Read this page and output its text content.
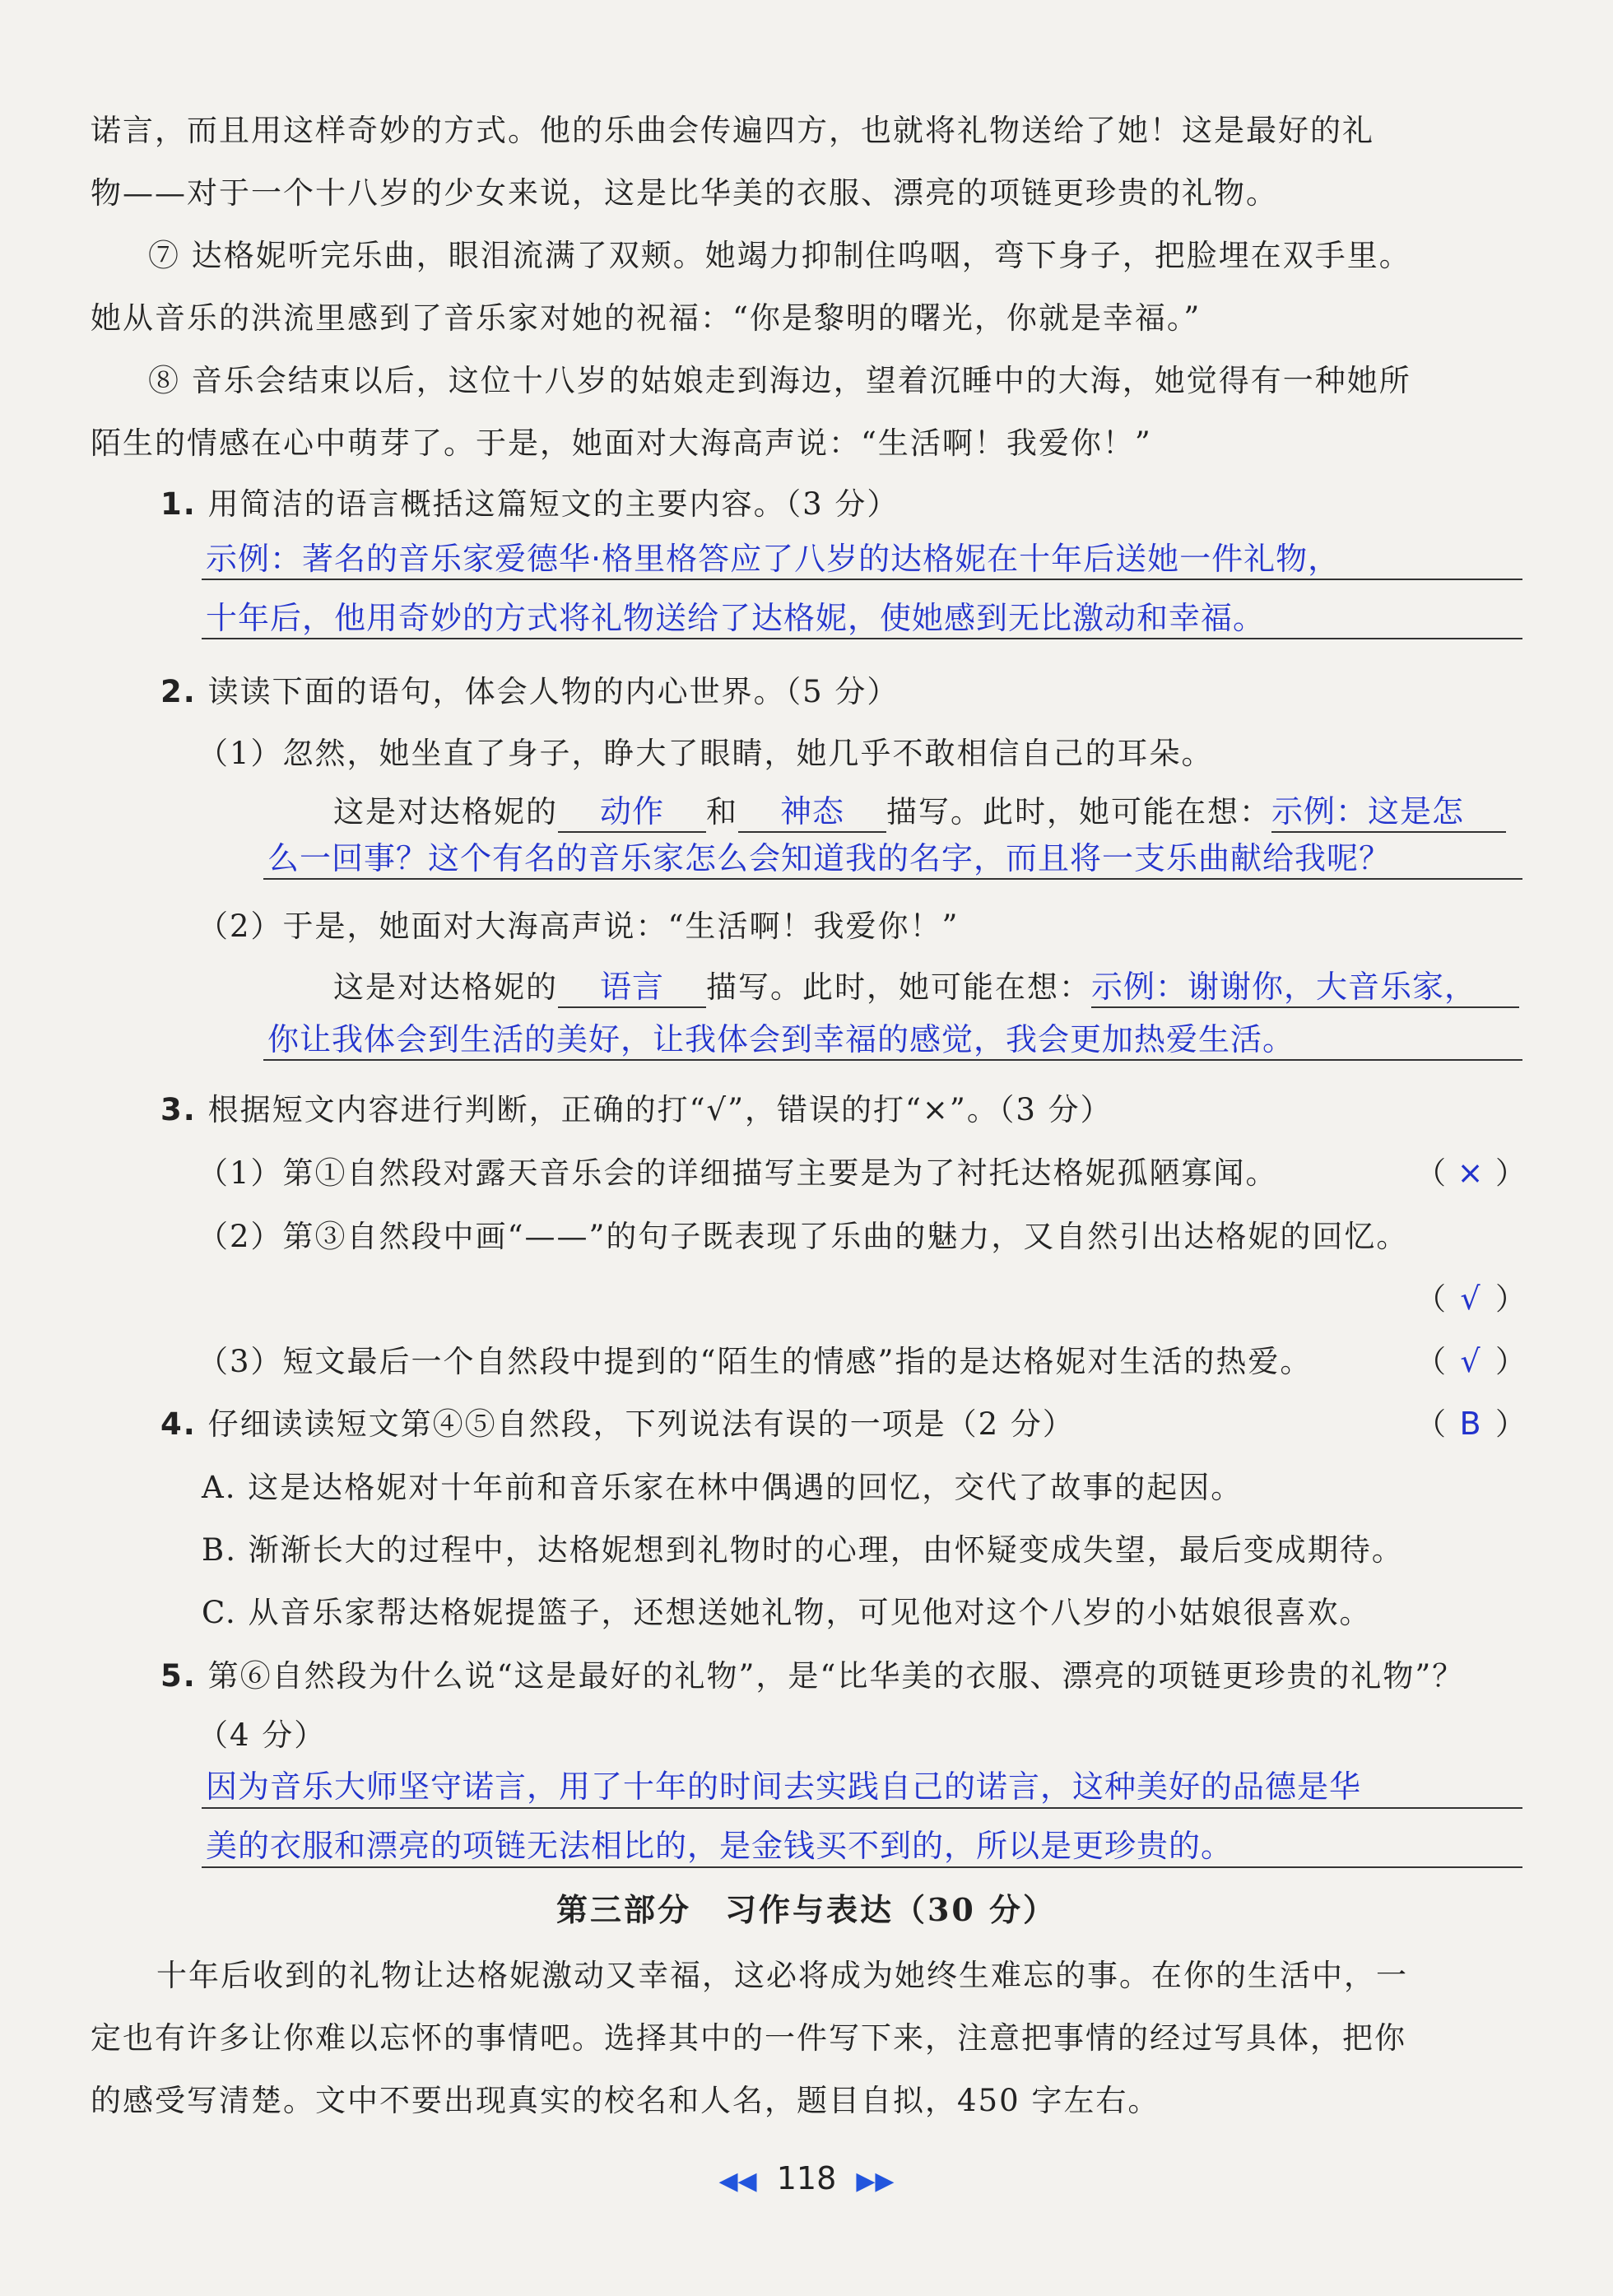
诺言，而且用这样奇妙的方式。他的乐曲会传遍四方，也就将礼物送给了她！这是最好的礼
物——对于一个十八岁的少女来说，这是比华美的衣服、漂亮的项链更珍贵的礼物。
⑦ 达格妮听完乐曲，眼泪流满了双颊。她竭力抑制住呜咽，弯下身子，把脸埋在双手里。
她从音乐的洪流里感到了音乐家对她的祝福：“你是黎明的曙光，你就是幸福。”
⑧ 音乐会结束以后，这位十八岁的姑娘走到海边，望着沉睡中的大海，她觉得有一种她所
陌生的情感在心中萌芽了。于是，她面对大海高声说：“生活啊！我爱你！”
1. 用简洁的语言概括这篇短文的主要内容。（3 分）
示例：著名的音乐家爱德华·格里格答应了八岁的达格妮在十年后送她一件礼物，
十年后，他用奇妙的方式将礼物送给了达格妮，使她感到无比激动和幸福。
2. 读读下面的语句，体会人物的内心世界。（5 分）
（1）忽然，她坐直了身子，睁大了眼睛，她几乎不敢相信自己的耳朵。
这是对达格妮的 动作 和 神态 描写。此时，她可能在想：示例：这是怎
么一回事？这个有名的音乐家怎么会知道我的名字，而且将一支乐曲献给我呢？
（2）于是，她面对大海高声说：“生活啊！我爱你！”
这是对达格妮的 语言 描写。此时，她可能在想：示例：谢谢你，大音乐家，
你让我体会到生活的美好，让我体会到幸福的感觉，我会更加热爱生活。
3. 根据短文内容进行判断，正确的打“√”，错误的打“×”。（3 分）
（1）第①自然段对露天音乐会的详细描写主要是为了衬托达格妮孤陋寡闻。	（ × ）
（2）第③自然段中画“——”的句子既表现了乐曲的魅力，又自然引出达格妮的回忆。
（ √ ）
（3）短文最后一个自然段中提到的“陌生的情感”指的是达格妮对生活的热爱。	（ √ ）
4. 仔细读读短文第④⑤自然段，下列说法有误的一项是（2 分）	（ B ）
A. 这是达格妮对十年前和音乐家在林中偶遇的回忆，交代了故事的起因。
B. 渐渐长大的过程中，达格妮想到礼物时的心理，由怀疑变成失望，最后变成期待。
C. 从音乐家帮达格妮提篮子，还想送她礼物，可见他对这个八岁的小姑娘很喜欢。
5. 第⑥自然段为什么说“这是最好的礼物”，是“比华美的衣服、漂亮的项链更珍贵的礼物”？
（4 分）
因为音乐大师坚守诺言，用了十年的时间去实践自己的诺言，这种美好的品德是华
美的衣服和漂亮的项链无法相比的，是金钱买不到的，所以是更珍贵的。
第三部分　习作与表达（30 分）
十年后收到的礼物让达格妮激动又幸福，这必将成为她终生难忘的事。在你的生活中，一
定也有许多让你难以忘怀的事情吧。选择其中的一件写下来，注意把事情的经过写具体，把你
的感受写清楚。文中不要出现真实的校名和人名，题目自拟，450 字左右。
◀◀ 118 ▶▶
